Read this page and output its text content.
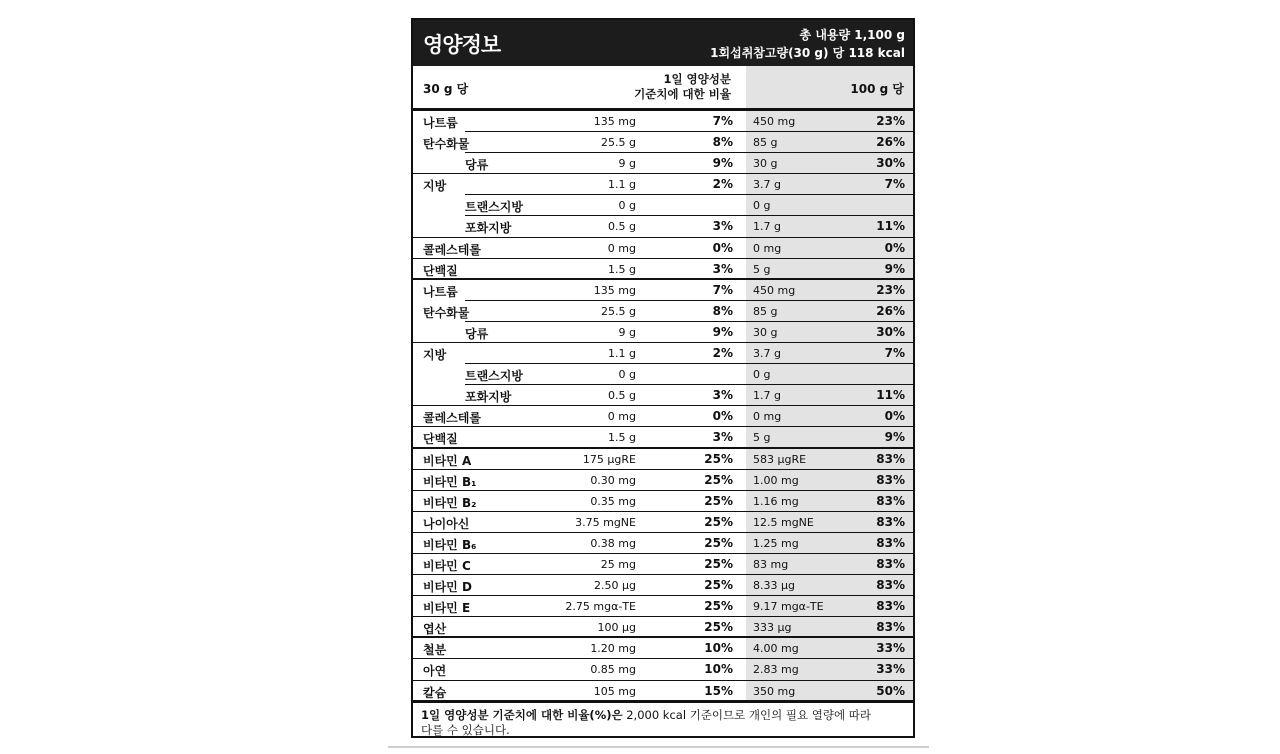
영양정보	총 내용량 1,100 g
1회섭취참고량(30 g) 당 118 kcal
30 g 당
1일 영양성분
기준치에 대한 비율	100 g 당
나트륨	135 mg	7% 450 mg	23%
탄수화물	25.5 g	8% 85 g	26%
당류	9 g	9% 30 g	30%
지방	1.1 g	2% 3.7 g	7%
트랜스지방	0 g	0 g
포화지방	0.5 g	3% 1.7 g	11%
콜레스테롤	0 mg	0% 0 mg	0%
단백질	1.5 g	3% 5 g	9%
나트륨	135 mg	7% 450 mg	23%
탄수화물	25.5 g	8% 85 g	26%
당류	9 g	9% 30 g	30%
지방	1.1 g	2% 3.7 g	7%
트랜스지방	0 g	0 g
포화지방	0.5 g	3% 1.7 g	11%
콜레스테롤	0 mg	0% 0 mg	0%
단백질	1.5 g	3% 5 g	9%
비타민 A	175 μgRE	25% 583 μgRE	83%
비타민 B₁	0.30 mg	25% 1.00 mg	83%
비타민 B₂	0.35 mg	25% 1.16 mg	83%
나이아신	3.75 mgNE	25% 12.5 mgNE	83%
비타민 B₆	0.38 mg	25% 1.25 mg	83%
비타민 C	25 mg	25% 83 mg	83%
비타민 D	2.50 μg	25% 8.33 μg	83%
비타민 E	2.75 mgα-TE	25% 9.17 mgα-TE	83%
엽산	100 μg	25% 333 μg	83%
철분	1.20 mg	10% 4.00 mg	33%
아연	0.85 mg	10% 2.83 mg	33%
칼슘	105 mg	15% 350 mg	50%
1일 영양성분 기준치에 대한 비율(%)은 2,000 kcal 기준이므로 개인의 필요 열량에 따라
다를 수 있습니다.
